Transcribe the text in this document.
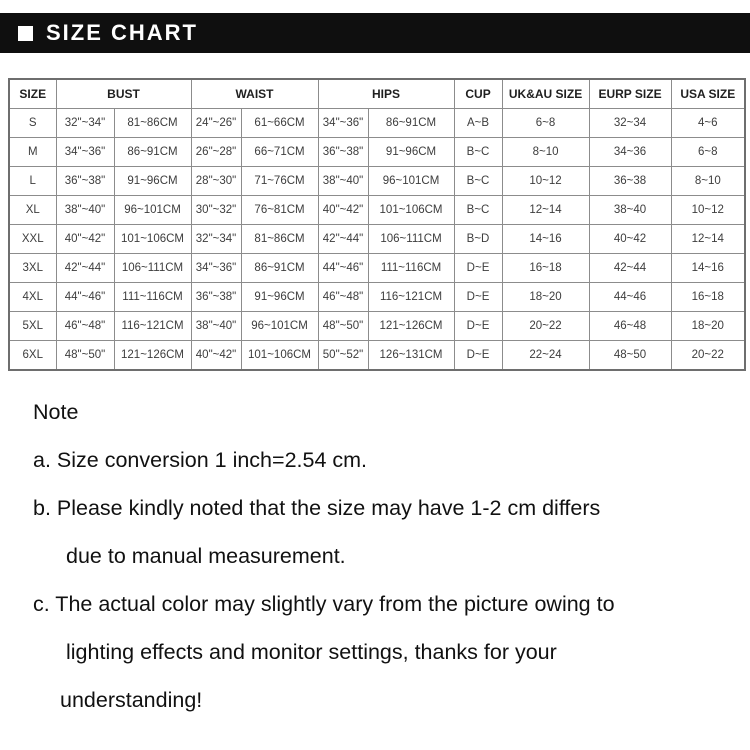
SIZE CHART
SIZE	BUST		WAIST		HIPS		CUP	UK&AU SIZE	EURP SIZE	USA SIZE
S	32"~34"	81~86CM	24"~26"	61~66CM	34"~36"	86~91CM	A~B	6~8	32~34	4~6
M	34"~36"	86~91CM	26"~28"	66~71CM	36"~38"	91~96CM	B~C	8~10	34~36	6~8
L	36"~38"	91~96CM	28"~30"	71~76CM	38"~40"	96~101CM	B~C	10~12	36~38	8~10
XL	38"~40"	96~101CM	30"~32"	76~81CM	40"~42"	101~106CM	B~C	12~14	38~40	10~12
XXL	40"~42"	101~106CM	32"~34"	81~86CM	42"~44"	106~111CM	B~D	14~16	40~42	12~14
3XL	42"~44"	106~111CM	34"~36"	86~91CM	44"~46"	111~116CM	D~E	16~18	42~44	14~16
4XL	44"~46"	111~116CM	36"~38"	91~96CM	46"~48"	116~121CM	D~E	18~20	44~46	16~18
5XL	46"~48"	116~121CM	38"~40"	96~101CM	48"~50"	121~126CM	D~E	20~22	46~48	18~20
6XL	48"~50"	121~126CM	40"~42"	101~106CM	50"~52"	126~131CM	D~E	22~24	48~50	20~22
Note
a. Size conversion 1 inch=2.54 cm.
b. Please kindly noted that the size may have 1-2 cm differs
due to manual measurement.
c. The actual color may slightly vary from the picture owing to
lighting effects and monitor settings, thanks for your
understanding!
